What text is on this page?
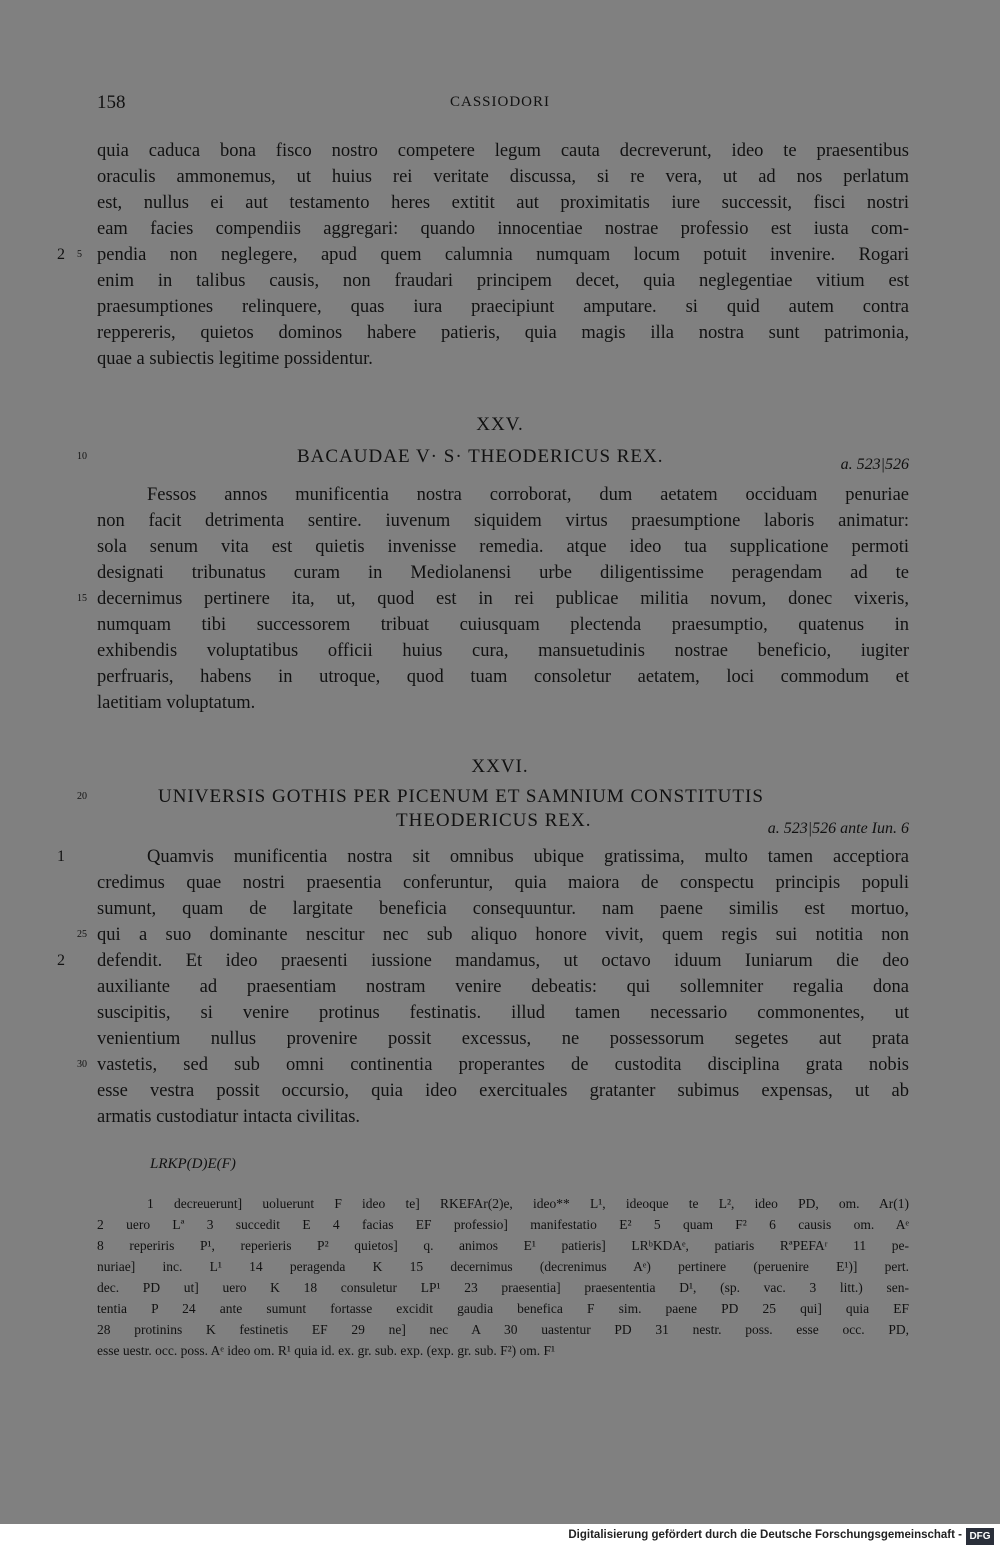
158	CASSIODORI
quia caduca bona fisco nostro competere legum cauta decreverunt, ideo te praesentibus
oraculis ammonemus, ut huius rei veritate discussa, si re vera, ut ad nos perlatum
est, nullus ei aut testamento heres extitit aut proximitatis iure successit, fisci nostri
eam facies compendiis aggregari: quando innocentiae nostrae professio est iusta com-
pendia non neglegere, apud quem calumnia numquam locum potuit invenire. Rogari
enim in talibus causis, non fraudari principem decet, quia neglegentiae vitium est
praesumptiones relinquere, quas iura praecipiunt amputare. si quid autem contra
reppereris, quietos dominos habere patieris, quia magis illa nostra sunt patrimonia,
quae a subiectis legitime possidentur.
2 5
XXV.
10	BACAUDAE V· S· THEODERICUS REX.	a. 523|526
Fessos annos munificentia nostra corroborat, dum aetatem occiduam penuriae
non facit detrimenta sentire. iuvenum siquidem virtus praesumptione laboris animatur:
sola senum vita est quietis invenisse remedia. atque ideo tua supplicatione permoti
designati tribunatus curam in Mediolanensi urbe diligentissime peragendam ad te
decernimus pertinere ita, ut, quod est in rei publicae militia novum, donec vixeris,
numquam tibi successorem tribuat cuiusquam plectenda praesumptio, quatenus in
exhibendis voluptatibus officii huius cura, mansuetudinis nostrae beneficio, iugiter
perfruaris, habens in utroque, quod tuam consoletur aetatem, loci commodum et
laetitiam voluptatum.
15
XXVI.
20	UNIVERSIS GOTHIS PER PICENUM ET SAMNIUM CONSTITUTIS
THEODERICUS REX.	a. 523|526 ante Iun. 6
Quamvis munificentia nostra sit omnibus ubique gratissima, multo tamen acceptiora
credimus quae nostri praesentia conferuntur, quia maiora de conspectu principis populi
sumunt, quam de largitate beneficia consequuntur. nam paene similis est mortuo,
qui a suo dominante nescitur nec sub aliquo honore vivit, quem regis sui notitia non
defendit. Et ideo praesenti iussione mandamus, ut octavo iduum Iuniarum die deo
auxiliante ad praesentiam nostram venire debeatis: qui sollemniter regalia dona
suscipitis, si venire protinus festinatis. illud tamen necessario commonentes, ut
venientium nullus provenire possit excessus, ne possessorum segetes aut prata
vastetis, sed sub omni continentia properantes de custodita disciplina grata nobis
esse vestra possit occursio, quia ideo exercituales gratanter subimus expensas, ut ab
armatis custodiatur intacta civilitas.
1
25
2
30
LRKP(D)E(F)
1 decreuerunt] uoluerunt F ideo te] RKEFAr(2)e, ideo** L¹, ideoque te L², ideo PD, om. Ar(1)
2 uero Lª 3 succedit E 4 facias EF professio] manifestatio E² 5 quam F² 6 causis om. Aᵉ
8 reperiris P¹, reperieris P² quietos] q. animos E¹ patieris] LRᵇKDAᵉ, patiaris RªPEFAʳ 11 pe-
nuriae] inc. L¹ 14 peragenda K 15 decernimus (decrenimus Aᵉ) pertinere (peruenire E¹)] pert.
dec. PD ut] uero K 18 consuletur LP¹ 23 praesentia] praesententia D¹, (sp. vac. 3 litt.) sen-
tentia P 24 ante sumunt fortasse excidit gaudia benefica F sim. paene PD 25 qui] quia EF
28 protinins K festinetis EF 29 ne] nec A 30 uastentur PD 31 nestr. poss. esse occ. PD,
esse uestr. occ. poss. Aᵉ ideo om. R¹ quia id. ex. gr. sub. exp. (exp. gr. sub. F²) om. F¹
Digitalisierung gefördert durch die Deutsche Forschungsgemeinschaft - DFG
